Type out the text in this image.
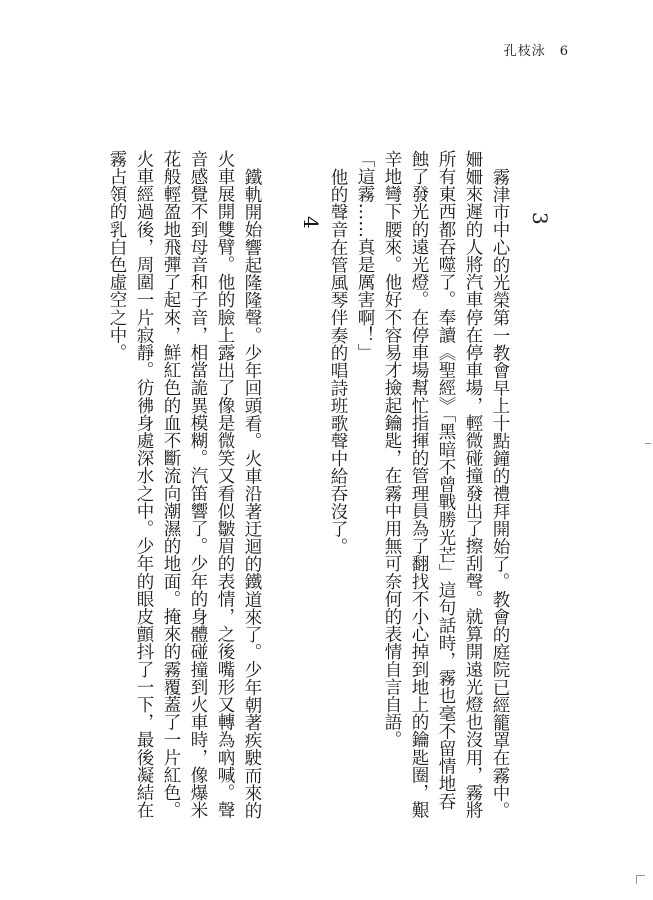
孔枝泳 6
3

霧津市中心的光榮第一教會早上十點鐘的禮拜開始了。教會的庭院已經籠罩在霧中。姍姍來遲的人將汽車停在停車場，輕微碰撞發出了擦刮聲。就算開遠光燈也沒用，霧將所有東西都吞噬了。奉讀《聖經》「黑暗不曾戰勝光芒」這句話時，霧也毫不留情地吞蝕了發光的遠光燈。在停車場幫忙指揮的管理員為了翻找不小心掉到地上的鑰匙圈，艱辛地彎下腰來。他好不容易才撿起鑰匙，在霧中用無可奈何的表情自言自語。

「這霧……真是厲害啊！」

他的聲音在管風琴伴奏的唱詩班歌聲中給吞沒了。

4

鐵軌開始響起隆隆聲。少年回頭看。火車沿著迂迴的鐵道來了。少年朝著疾駛而來的火車展開雙臂。他的臉上露出了像是微笑又看似皺眉的表情，之後嘴形又轉為吶喊。聲音感覺不到母音和子音，相當詭異模糊。汽笛響了。少年的身體碰撞到火車時，像爆米花般輕盈地飛彈了起來，鮮紅色的血不斷流向潮濕的地面。掩來的霧覆蓋了一片紅色。火車經過後，周圍一片寂靜。彷彿身處深水之中。少年的眼皮顫抖了一下，最後凝結在霧占領的乳白色虛空之中。
